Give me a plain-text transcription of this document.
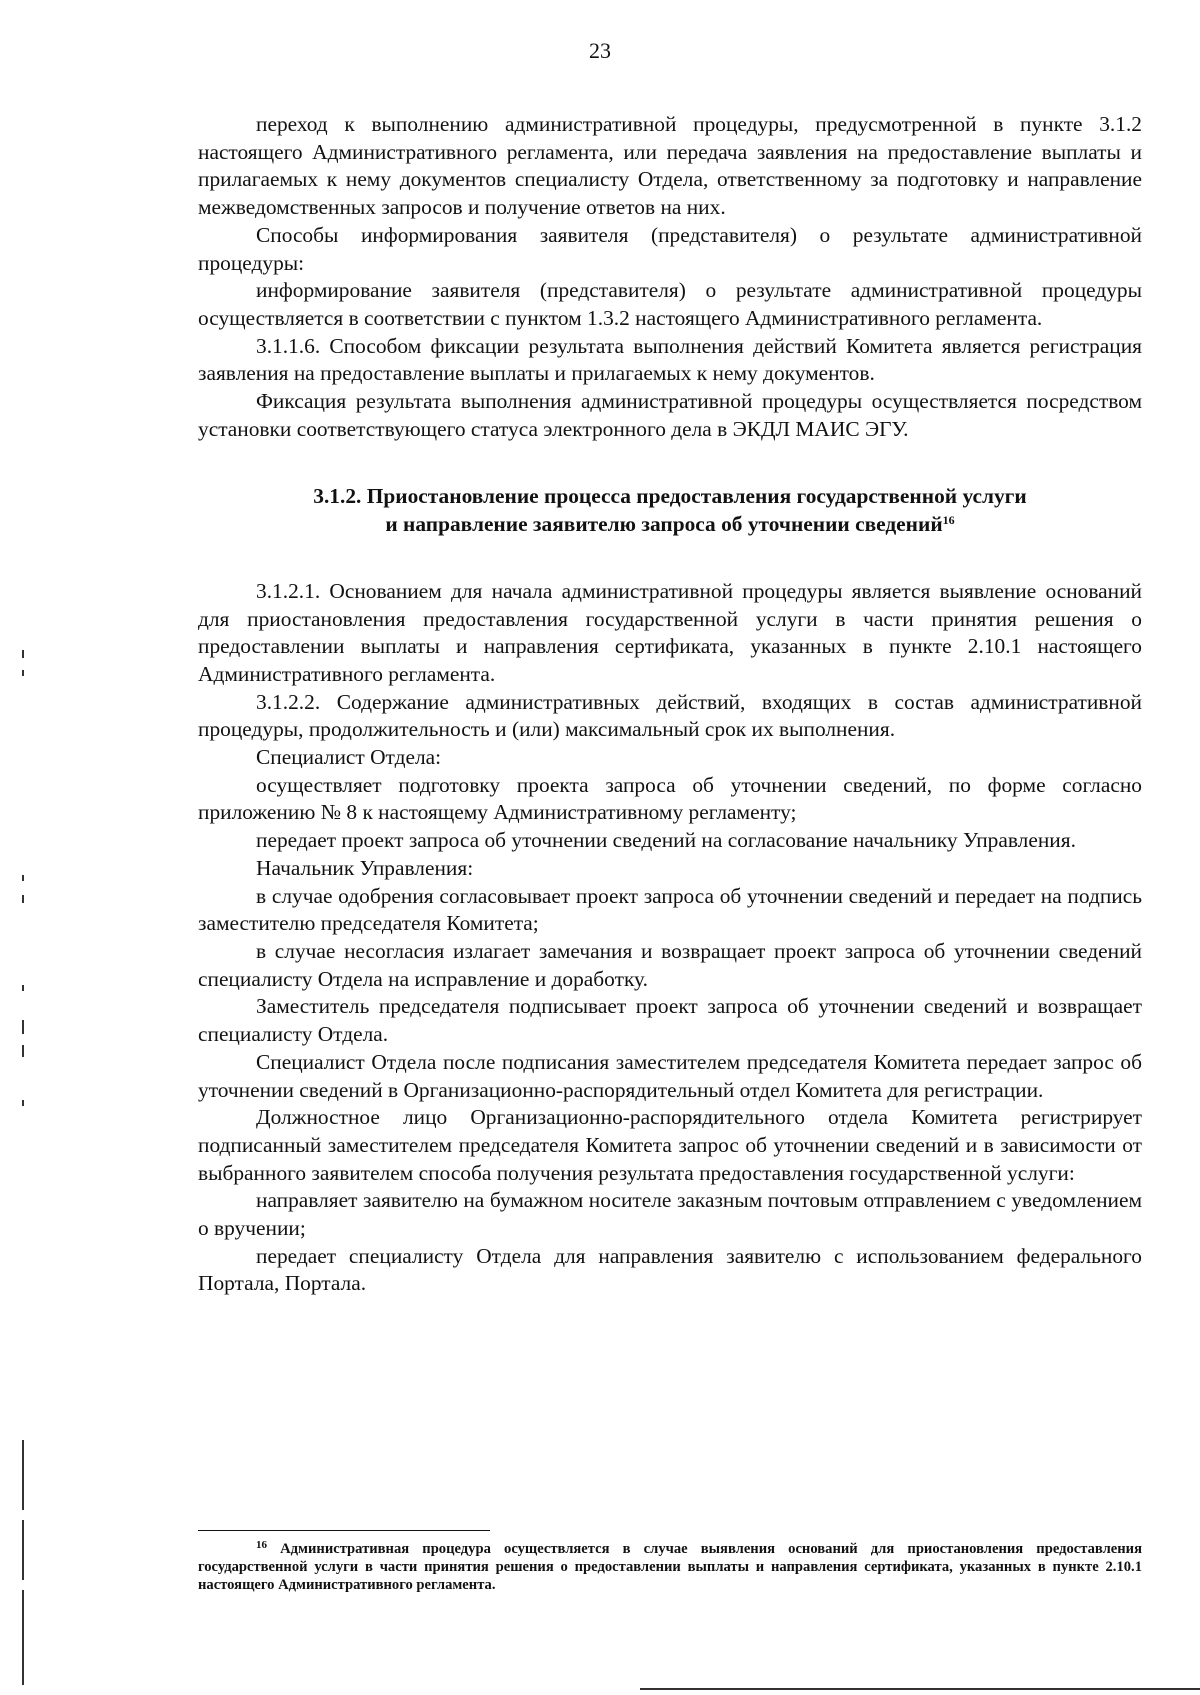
23

переход к выполнению административной процедуры, предусмотренной в пункте 3.1.2 настоящего Административного регламента, или передача заявления на предоставление выплаты и прилагаемых к нему документов специалисту Отдела, ответственному за подготовку и направление межведомственных запросов и получение ответов на них.

Способы информирования заявителя (представителя) о результате административной процедуры:

информирование заявителя (представителя) о результате административной процедуры осуществляется в соответствии с пунктом 1.3.2 настоящего Административного регламента.

3.1.1.6. Способом фиксации результата выполнения действий Комитета является регистрация заявления на предоставление выплаты и прилагаемых к нему документов.

Фиксация результата выполнения административной процедуры осуществляется посредством установки соответствующего статуса электронного дела в ЭКДЛ МАИС ЭГУ.

3.1.2. Приостановление процесса предоставления государственной услуги
и направление заявителю запроса об уточнении сведений$^{16}$

3.1.2.1. Основанием для начала административной процедуры является выявление оснований для приостановления предоставления государственной услуги в части принятия решения о предоставлении выплаты и направления сертификата, указанных в пункте 2.10.1 настоящего Административного регламента.

3.1.2.2. Содержание административных действий, входящих в состав административной процедуры, продолжительность и (или) максимальный срок их выполнения.

Специалист Отдела:

осуществляет подготовку проекта запроса об уточнении сведений, по форме согласно приложению № 8 к настоящему Административному регламенту;

передает проект запроса об уточнении сведений на согласование начальнику Управления.

Начальник Управления:

в случае одобрения согласовывает проект запроса об уточнении сведений и передает на подпись заместителю председателя Комитета;

в случае несогласия излагает замечания и возвращает проект запроса об уточнении сведений специалисту Отдела на исправление и доработку.

Заместитель председателя подписывает проект запроса об уточнении сведений и возвращает специалисту Отдела.

Специалист Отдела после подписания заместителем председателя Комитета передает запрос об уточнении сведений в Организационно-распорядительный отдел Комитета для регистрации.

Должностное лицо Организационно-распорядительного отдела Комитета регистрирует подписанный заместителем председателя Комитета запрос об уточнении сведений и в зависимости от выбранного заявителем способа получения результата предоставления государственной услуги:

направляет заявителю на бумажном носителе заказным почтовым отправлением с уведомлением о вручении;

передает специалисту Отдела для направления заявителю с использованием федерального Портала, Портала.

$^{16}$ Административная процедура осуществляется в случае выявления оснований для приостановления предоставления государственной услуги в части принятия решения о предоставлении выплаты и направления сертификата, указанных в пункте 2.10.1 настоящего Административного регламента.
